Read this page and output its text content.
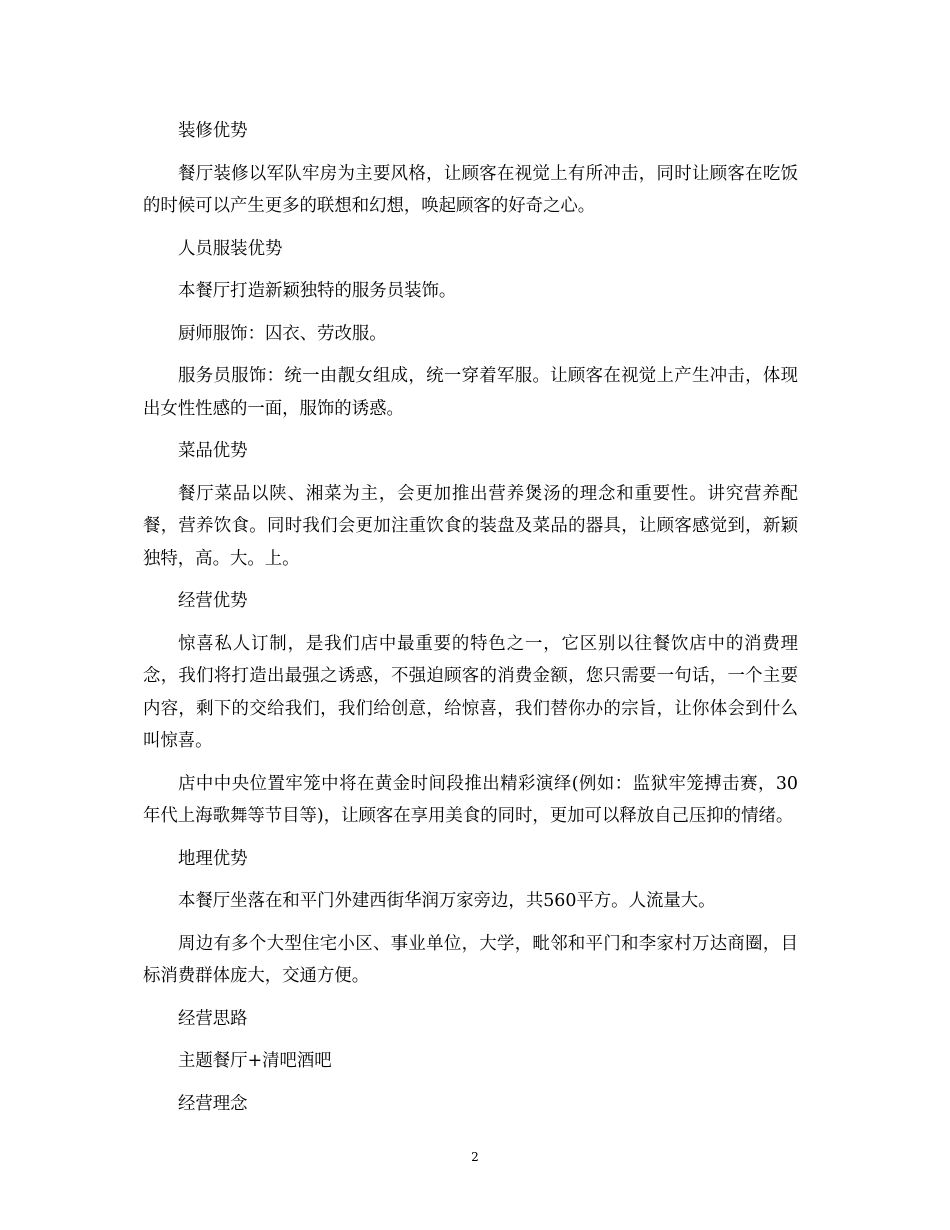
装修优势

餐厅装修以军队牢房为主要风格，让顾客在视觉上有所冲击，同时让顾客在吃饭的时候可以产生更多的联想和幻想，唤起顾客的好奇之心。

人员服装优势

本餐厅打造新颖独特的服务员装饰。

厨师服饰：囚衣、劳改服。

服务员服饰：统一由靓女组成，统一穿着军服。让顾客在视觉上产生冲击，体现出女性性感的一面，服饰的诱惑。

菜品优势

餐厅菜品以陕、湘菜为主，会更加推出营养煲汤的理念和重要性。讲究营养配餐，营养饮食。同时我们会更加注重饮食的装盘及菜品的器具，让顾客感觉到，新颖独特，高。大。上。

经营优势

惊喜私人订制，是我们店中最重要的特色之一，它区别以往餐饮店中的消费理念，我们将打造出最强之诱惑，不强迫顾客的消费金额，您只需要一句话，一个主要内容，剩下的交给我们，我们给创意，给惊喜，我们替你办的宗旨，让你体会到什么叫惊喜。

店中中央位置牢笼中将在黄金时间段推出精彩演绎(例如：监狱牢笼搏击赛，30年代上海歌舞等节目等)，让顾客在享用美食的同时，更加可以释放自己压抑的情绪。

地理优势

本餐厅坐落在和平门外建西街华润万家旁边，共560平方。人流量大。

周边有多个大型住宅小区、事业单位，大学，毗邻和平门和李家村万达商圈，目标消费群体庞大，交通方便。

经营思路

主题餐厅+清吧酒吧

经营理念

2
